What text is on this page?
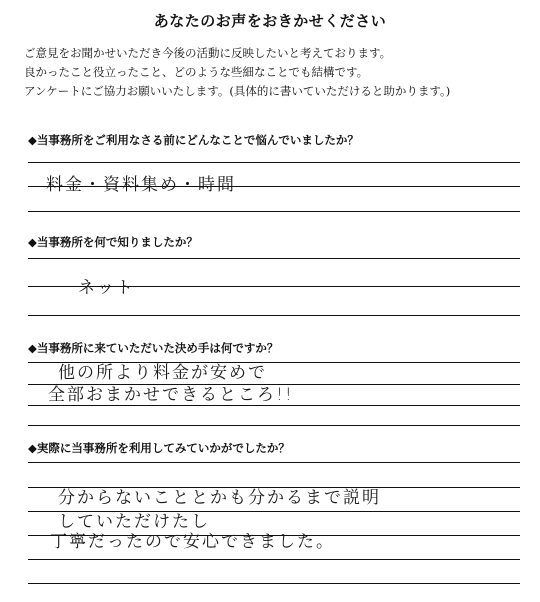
あなたのお声をおきかせください
ご意見をお聞かせいただき今後の活動に反映したいと考えております。
良かったこと役立ったこと、どのような些細なことでも結構です。
アンケートにご協力お願いいたします。(具体的に書いていただけると助かります。)
◆当事務所をご利用なさる前にどんなことで悩んでいましたか？
料金・資料集め・時間
◆当事務所を何で知りましたか？
ネット
◆当事務所に来ていただいた決め手は何ですか？
他の所より料金が安めで
全部おまかせできるところ!!
◆実際に当事務所を利用してみていかがでしたか？
分からないこととかも分かるまで説明
していただけたし
丁寧だったので安心できました。
